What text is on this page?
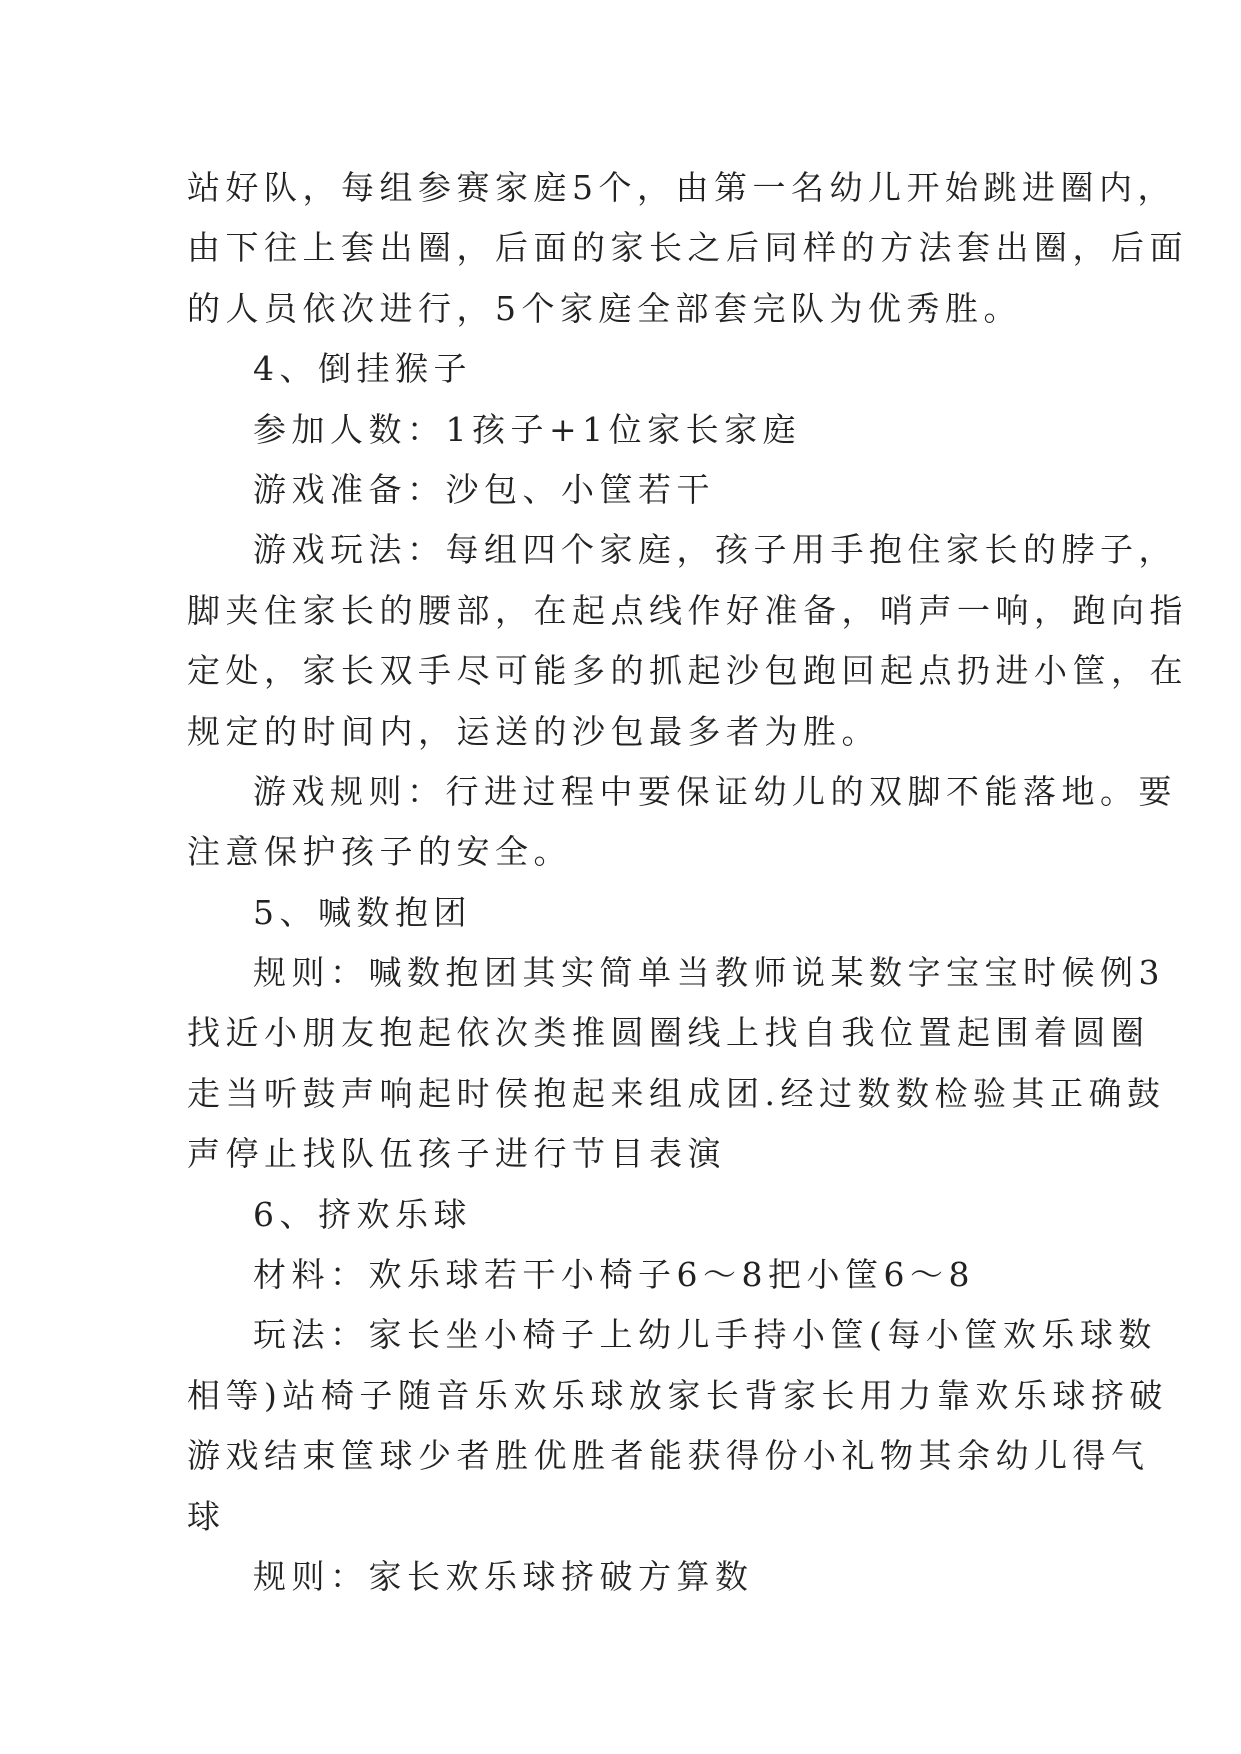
站好队，每组参赛家庭5个，由第一名幼儿开始跳进圈内，
由下往上套出圈，后面的家长之后同样的方法套出圈，后面
的人员依次进行，5个家庭全部套完队为优秀胜。
4、倒挂猴子
参加人数：1孩子+1位家长家庭
游戏准备：沙包、小筐若干
游戏玩法：每组四个家庭，孩子用手抱住家长的脖子，
脚夹住家长的腰部，在起点线作好准备，哨声一响，跑向指
定处，家长双手尽可能多的抓起沙包跑回起点扔进小筐，在
规定的时间内，运送的沙包最多者为胜。
游戏规则：行进过程中要保证幼儿的双脚不能落地。要
注意保护孩子的安全。
5、喊数抱团
规则：喊数抱团其实简单当教师说某数字宝宝时候例3
找近小朋友抱起依次类推圆圈线上找自我位置起围着圆圈
走当听鼓声响起时侯抱起来组成团.经过数数检验其正确鼓
声停止找队伍孩子进行节目表演
6、挤欢乐球
材料：欢乐球若干小椅子6～8把小筐6～8
玩法：家长坐小椅子上幼儿手持小筐(每小筐欢乐球数
相等)站椅子随音乐欢乐球放家长背家长用力靠欢乐球挤破
游戏结束筐球少者胜优胜者能获得份小礼物其余幼儿得气
球
规则：家长欢乐球挤破方算数
